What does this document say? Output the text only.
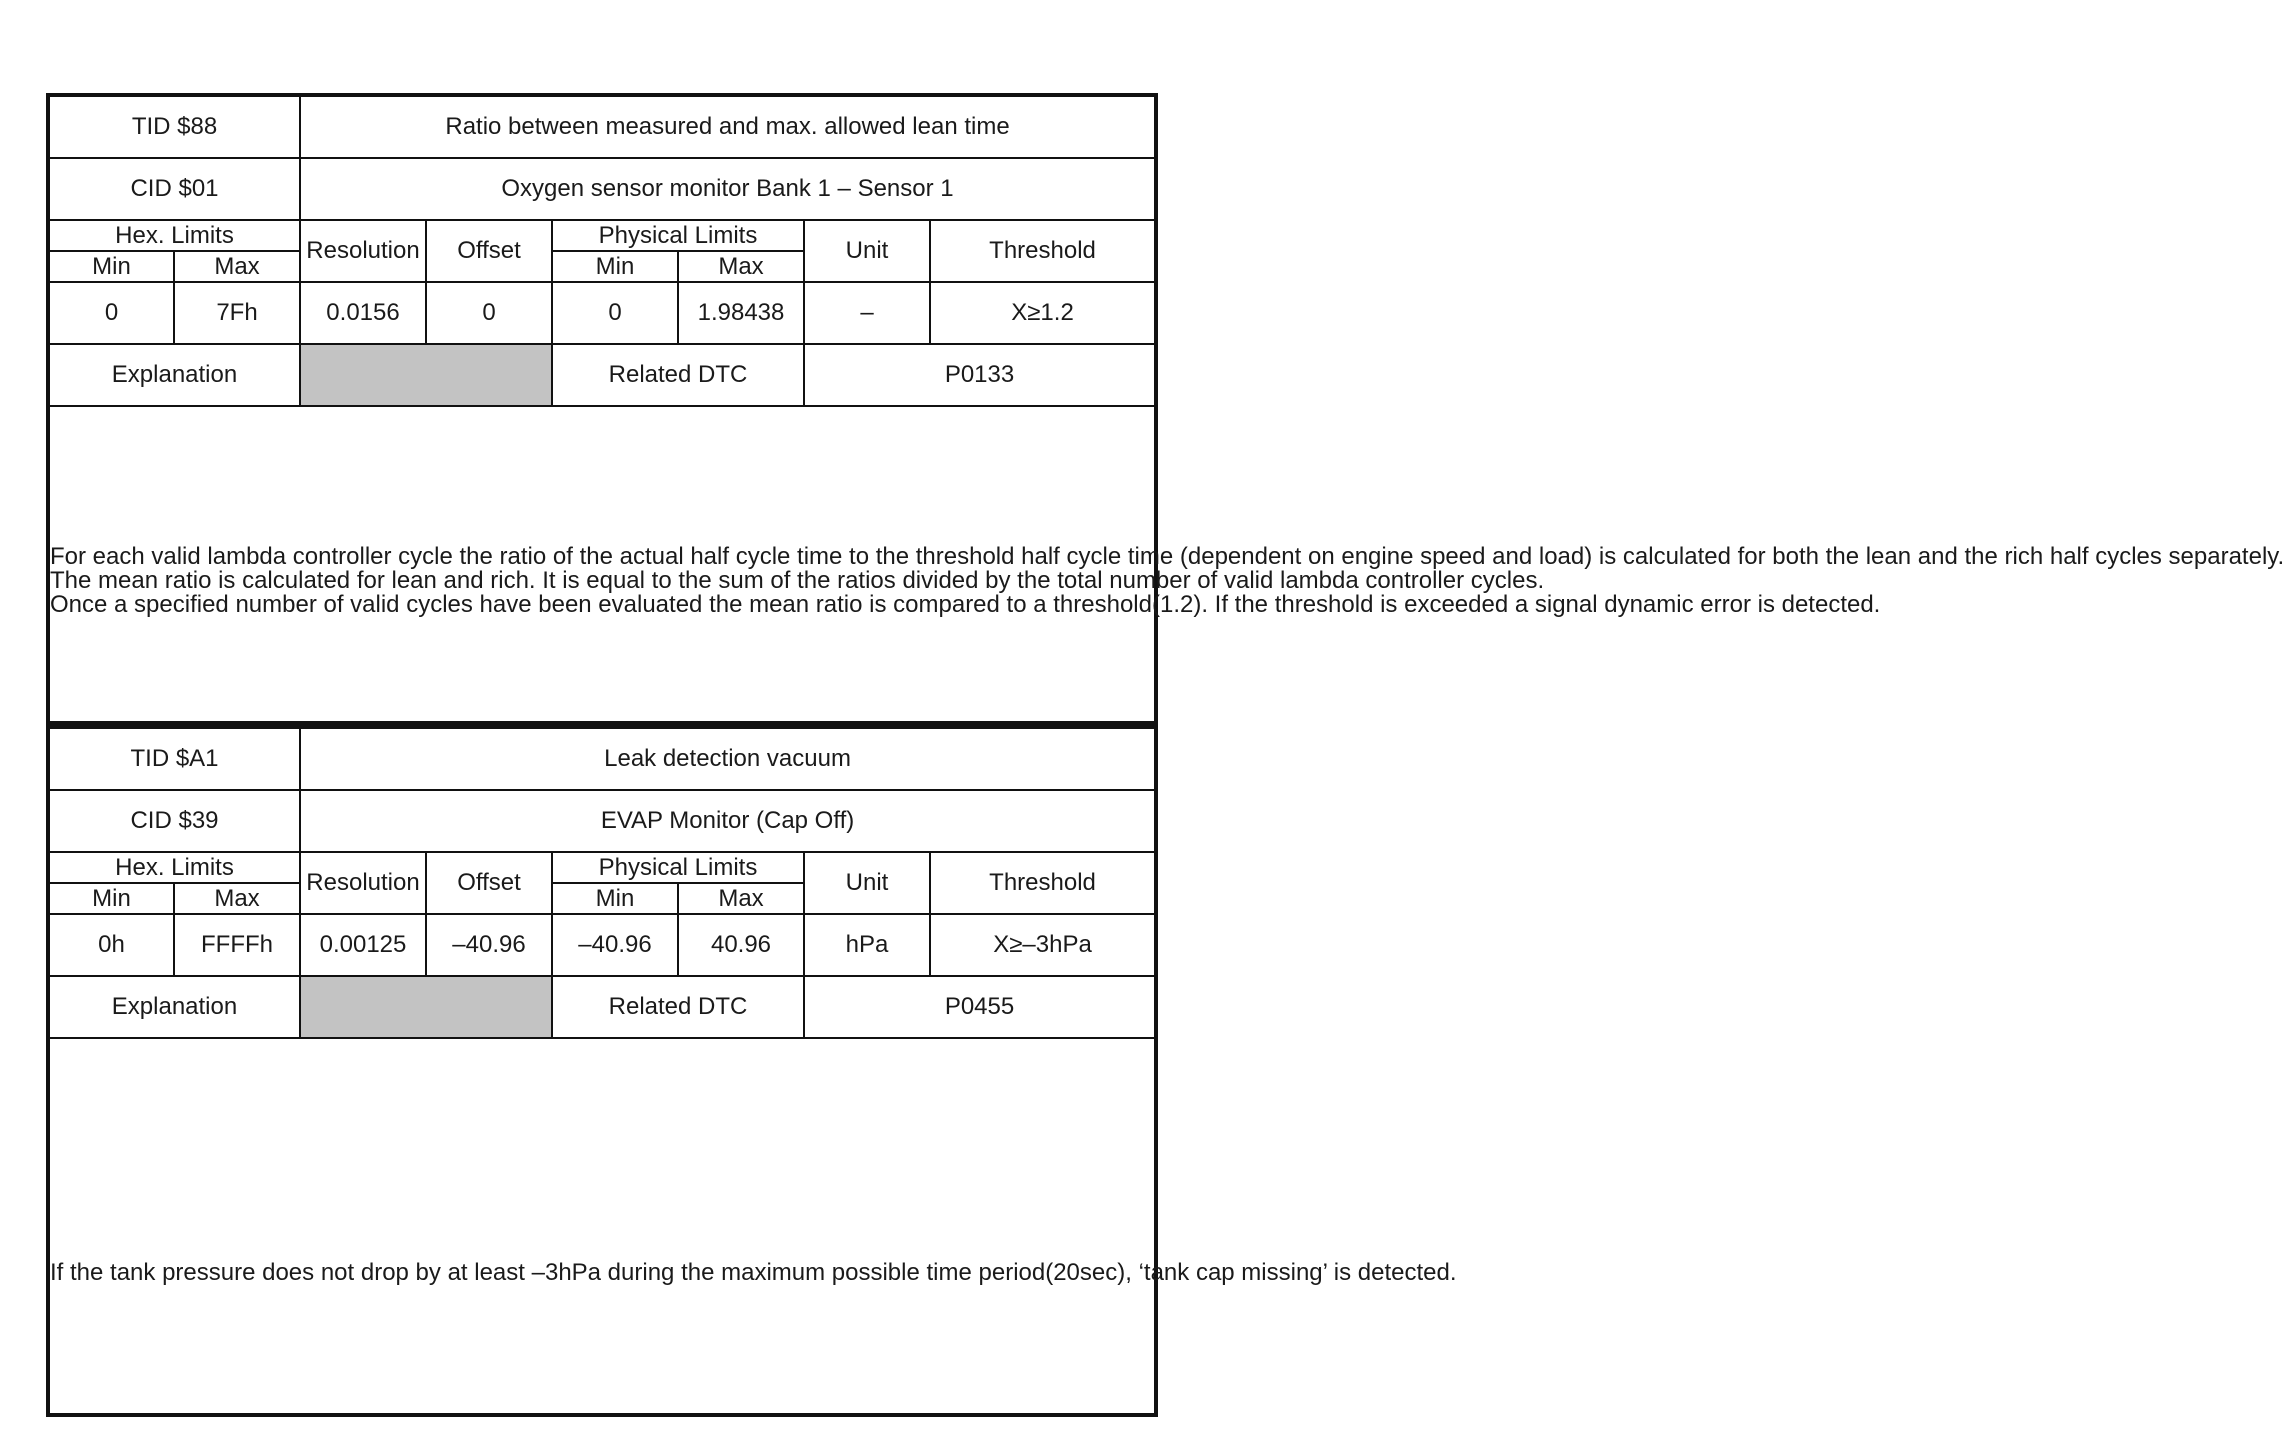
TID $88		Ratio between measured and max. allowed lean time					
CID $01		Oxygen sensor monitor Bank 1 – Sensor 1					
Hex. Limits		Resolution	Offset	Physical Limits		Unit	Threshold
Min	Max			Min	Max		
0	7Fh	0.0156	0	0	1.98438	–	X≥1.2
Explanation				Related DTC		P0133	

For each valid lambda controller cycle the ratio of the actual half cycle time to the threshold half cycle time (dependent on engine speed and load) is calculated for both the lean and the rich half cycles separately.

The mean ratio is calculated for lean and rich. It is equal to the sum of the ratios divided by the total number of valid lambda controller cycles.

Once a specified number of valid cycles have been evaluated the mean ratio is compared to a threshold(1.2). If the threshold is exceeded a signal dynamic error is detected.							

TID $A1		Leak detection vacuum					
CID $39		EVAP Monitor (Cap Off)					
Hex. Limits		Resolution	Offset	Physical Limits		Unit	Threshold
Min	Max			Min	Max		
0h	FFFFh	0.00125	–40.96	–40.96	40.96	hPa	X≥–3hPa
Explanation				Related DTC		P0455	

If the tank pressure does not drop by at least –3hPa during the maximum possible time period(20sec), ‘tank cap missing’ is detected.							
